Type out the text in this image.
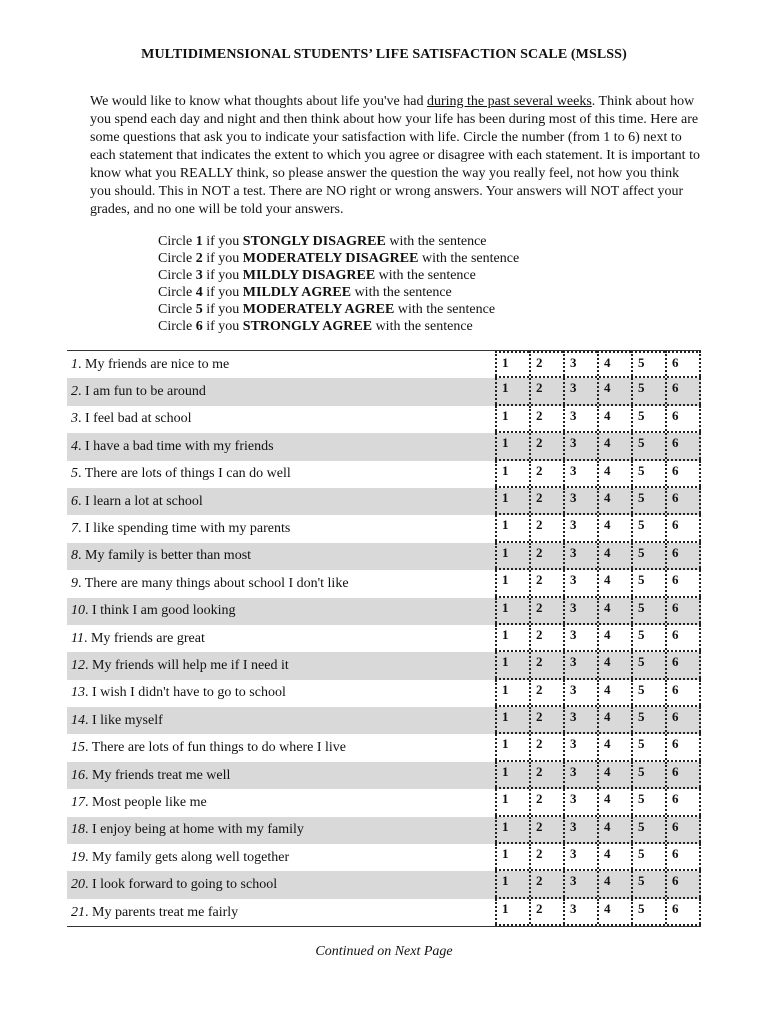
MULTIDIMENSIONAL STUDENTS’ LIFE SATISFACTION SCALE (MSLSS)
We would like to know what thoughts about life you've had during the past several weeks. Think about how you spend each day and night and then think about how your life has been during most of this time. Here are some questions that ask you to indicate your satisfaction with life. Circle the number (from 1 to 6) next to each statement that indicates the extent to which you agree or disagree with each statement. It is important to know what you REALLY think, so please answer the question the way you really feel, not how you think you should. This in NOT a test. There are NO right or wrong answers. Your answers will NOT affect your grades, and no one will be told your answers.
Circle 1 if you STONGLY DISAGREE with the sentence
Circle 2 if you MODERATELY DISAGREE with the sentence
Circle 3 if you MILDLY DISAGREE with the sentence
Circle 4 if you MILDLY AGREE with the sentence
Circle 5 if you MODERATELY AGREE with the sentence
Circle 6 if you STRONGLY AGREE with the sentence
1. My friends are nice to me	1	2	3	4	5	6
2. I am fun to be around	1	2	3	4	5	6
3. I feel bad at school	1	2	3	4	5	6
4. I have a bad time with my friends	1	2	3	4	5	6
5. There are lots of things I can do well	1	2	3	4	5	6
6. I learn a lot at school	1	2	3	4	5	6
7. I like spending time with my parents	1	2	3	4	5	6
8. My family is better than most	1	2	3	4	5	6
9. There are many things about school I don't like	1	2	3	4	5	6
10. I think I am good looking	1	2	3	4	5	6
11. My friends are great	1	2	3	4	5	6
12. My friends will help me if I need it	1	2	3	4	5	6
13. I wish I didn't have to go to school	1	2	3	4	5	6
14. I like myself	1	2	3	4	5	6
15. There are lots of fun things to do where I live	1	2	3	4	5	6
16. My friends treat me well	1	2	3	4	5	6
17. Most people like me	1	2	3	4	5	6
18. I enjoy being at home with my family	1	2	3	4	5	6
19. My family gets along well together	1	2	3	4	5	6
20. I look forward to going to school	1	2	3	4	5	6
21. My parents treat me fairly	1	2	3	4	5	6
Continued on Next Page
